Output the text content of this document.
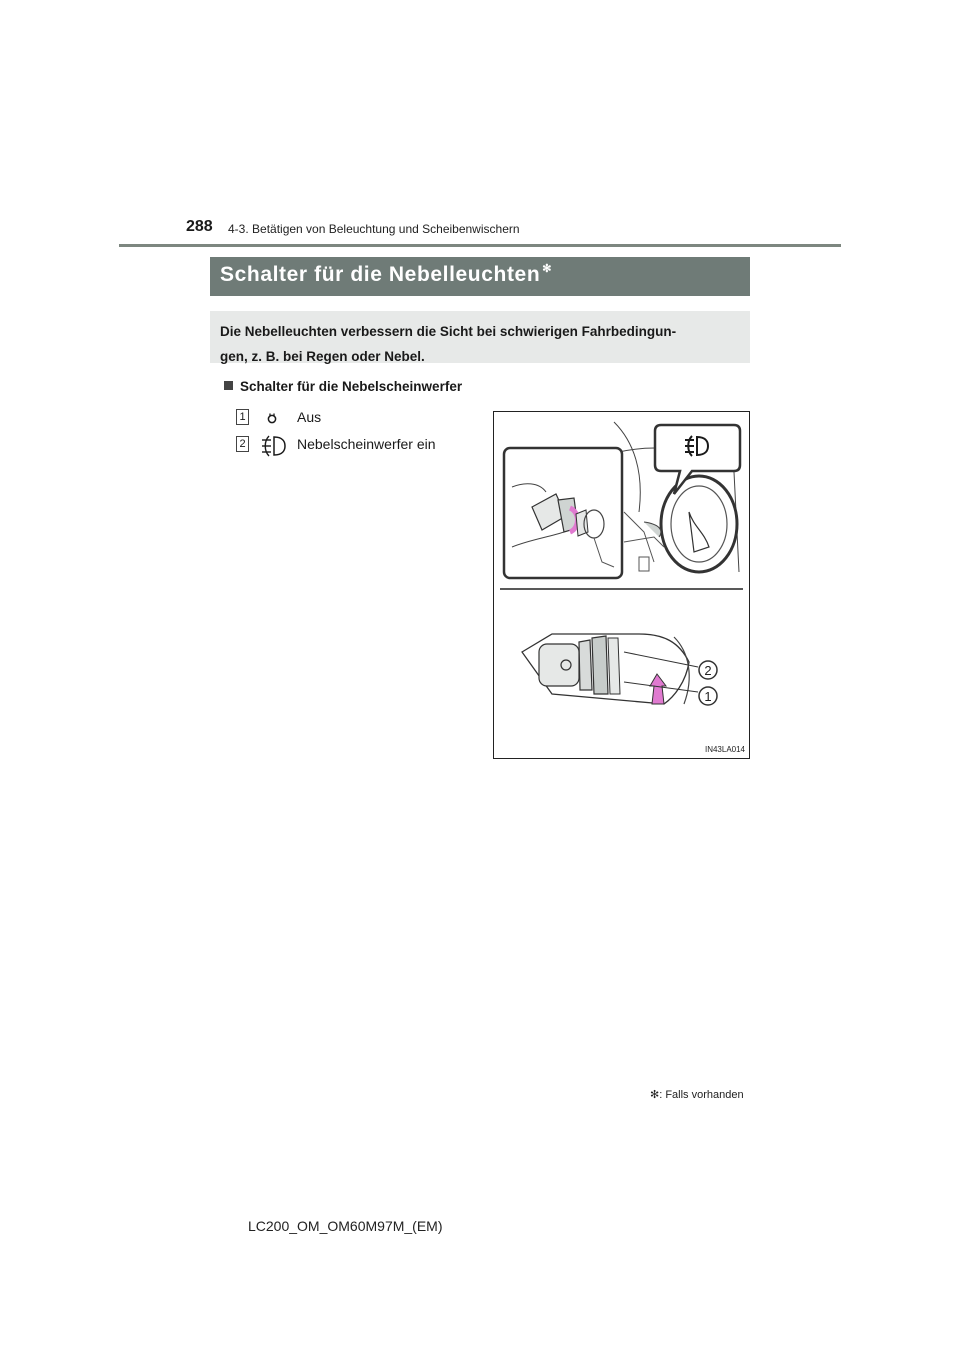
288 4-3. Betätigen von Beleuchtung und Scheibenwischern
Schalter für die Nebelleuchten ✻
Die Nebelleuchten verbessern die Sicht bei schwierigen Fahrbedingun-
gen, z. B. bei Regen oder Nebel.
Schalter für die Nebelscheinwerfer
1	Aus
2	Nebelscheinwerfer ein
2
1
IN43LA014
✻: Falls vorhanden
LC200_OM_OM60M97M_(EM)
